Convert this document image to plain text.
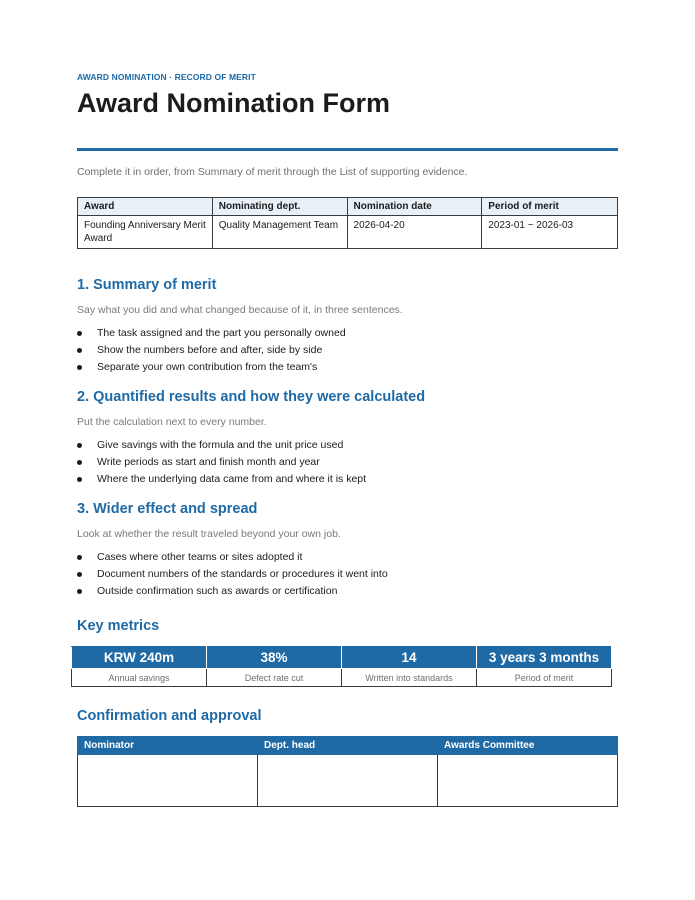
AWARD NOMINATION · RECORD OF MERIT
Award Nomination Form

Complete it in order, from Summary of merit through the List of supporting evidence.

Award	Nominating dept.	Nomination date	Period of merit
Founding Anniversary Merit Award	Quality Management Team	2026-04-20	2023-01 ~ 2026-03
1. Summary of merit

Say what you did and what changed because of it, in three sentences.

The task assigned and the part you personally owned
Show the numbers before and after, side by side
Separate your own contribution from the team's
2. Quantified results and how they were calculated

Put the calculation next to every number.

Give savings with the formula and the unit price used
Write periods as start and finish month and year
Where the underlying data came from and where it is kept
3. Wider effect and spread

Look at whether the result traveled beyond your own job.

Cases where other teams or sites adopted it
Document numbers of the standards or procedures it went into
Outside confirmation such as awards or certification
Key metrics
KRW 240m	38%	14	3 years 3 months
Annual savings	Defect rate cut	Written into standards	Period of merit
Confirmation and approval
Nominator	Dept. head	Awards Committee
